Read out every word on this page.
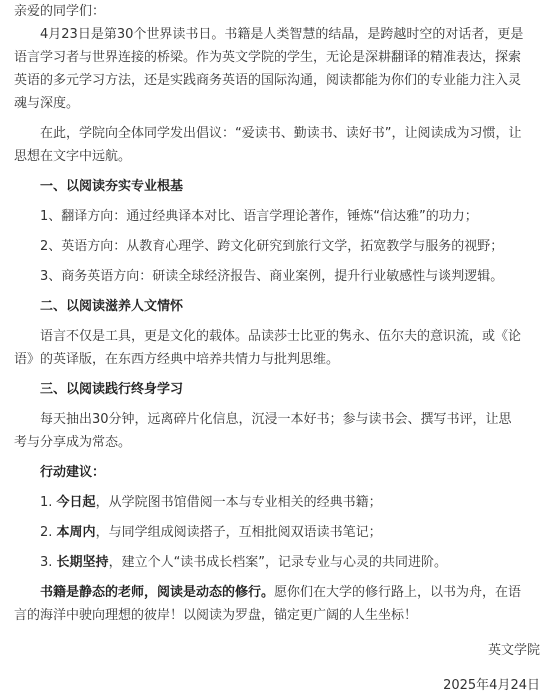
亲爱的同学们：
4月23日是第30个世界读书日。书籍是人类智慧的结晶，是跨越时空的对话者，更是
语言学习者与世界连接的桥梁。作为英文学院的学生，无论是深耕翻译的精准表达，探索
英语的多元学习方法，还是实践商务英语的国际沟通，阅读都能为你们的专业能力注入灵
魂与深度。
在此，学院向全体同学发出倡议：“爱读书、勤读书、读好书”，让阅读成为习惯，让
思想在文字中远航。
一、以阅读夯实专业根基
1、翻译方向：通过经典译本对比、语言学理论著作，锤炼“信达雅”的功力；
2、英语方向：从教育心理学、跨文化研究到旅行文学，拓宽教学与服务的视野；
3、商务英语方向：研读全球经济报告、商业案例，提升行业敏感性与谈判逻辑。
二、以阅读滋养人文情怀
语言不仅是工具，更是文化的载体。品读莎士比亚的隽永、伍尔夫的意识流，或《论
语》的英译版，在东西方经典中培养共情力与批判思维。
三、以阅读践行终身学习
每天抽出30分钟，远离碎片化信息，沉浸一本好书；参与读书会、撰写书评，让思
考与分享成为常态。
行动建议：
1. 今日起，从学院图书馆借阅一本与专业相关的经典书籍；
2. 本周内，与同学组成阅读搭子，互相批阅双语读书笔记；
3. 长期坚持，建立个人“读书成长档案”，记录专业与心灵的共同进阶。
书籍是静态的老师，阅读是动态的修行。愿你们在大学的修行路上，以书为舟，在语
言的海洋中驶向理想的彼岸！以阅读为罗盘，锚定更广阔的人生坐标！
英文学院
2025年4月24日
